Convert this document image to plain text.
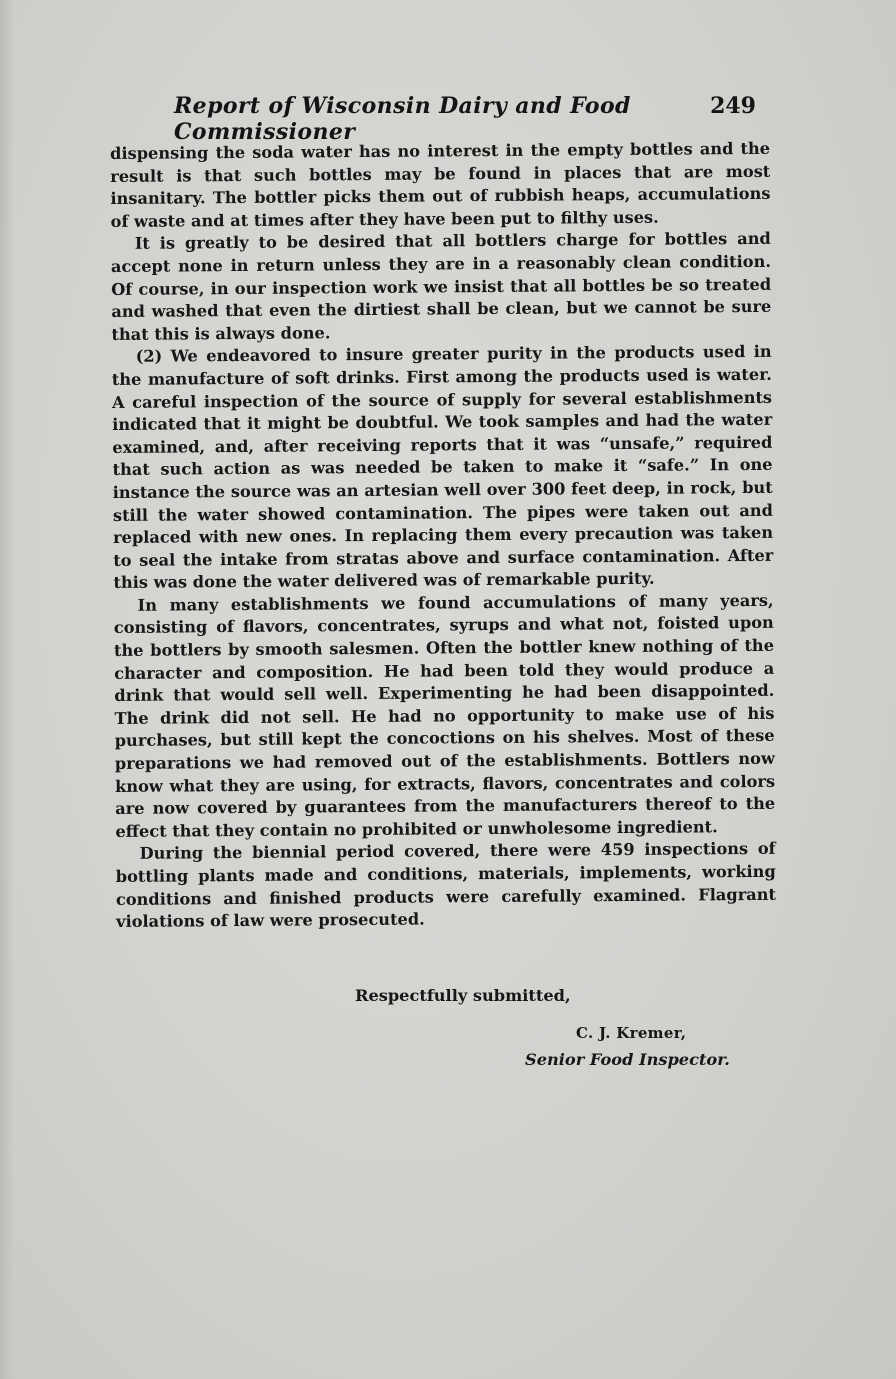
Report of Wisconsin Dairy and Food Commissioner
249

dispensing the soda water has no interest in the empty bottles and the result is that such bottles may be found in places that are most insanitary. The bottler picks them out of rubbish heaps, accumulations of waste and at times after they have been put to filthy uses.

It is greatly to be desired that all bottlers charge for bottles and accept none in return unless they are in a reasonably clean condition. Of course, in our inspection work we insist that all bottles be so treated and washed that even the dirtiest shall be clean, but we cannot be sure that this is always done.

(2) We endeavored to insure greater purity in the products used in the manufacture of soft drinks. First among the products used is water. A careful inspection of the source of supply for several establishments indicated that it might be doubtful. We took samples and had the water examined, and, after receiving reports that it was “unsafe,” required that such action as was needed be taken to make it “safe.” In one instance the source was an artesian well over 300 feet deep, in rock, but still the water showed contamination. The pipes were taken out and replaced with new ones. In replacing them every precaution was taken to seal the intake from stratas above and surface contamination. After this was done the water delivered was of remarkable purity.

In many establishments we found accumulations of many years, consisting of flavors, concentrates, syrups and what not, foisted upon the bottlers by smooth salesmen. Often the bottler knew nothing of the character and composition. He had been told they would produce a drink that would sell well. Experimenting he had been disappointed. The drink did not sell. He had no opportunity to make use of his purchases, but still kept the concoctions on his shelves. Most of these preparations we had removed out of the establishments. Bottlers now know what they are using, for extracts, flavors, concentrates and colors are now covered by guarantees from the manufacturers thereof to the effect that they contain no prohibited or unwholesome ingredient.

During the biennial period covered, there were 459 inspections of bottling plants made and conditions, materials, implements, working conditions and finished products were carefully examined. Flagrant violations of law were prosecuted.

Respectfully submitted,
C. J. Kremer,
Senior Food Inspector.
